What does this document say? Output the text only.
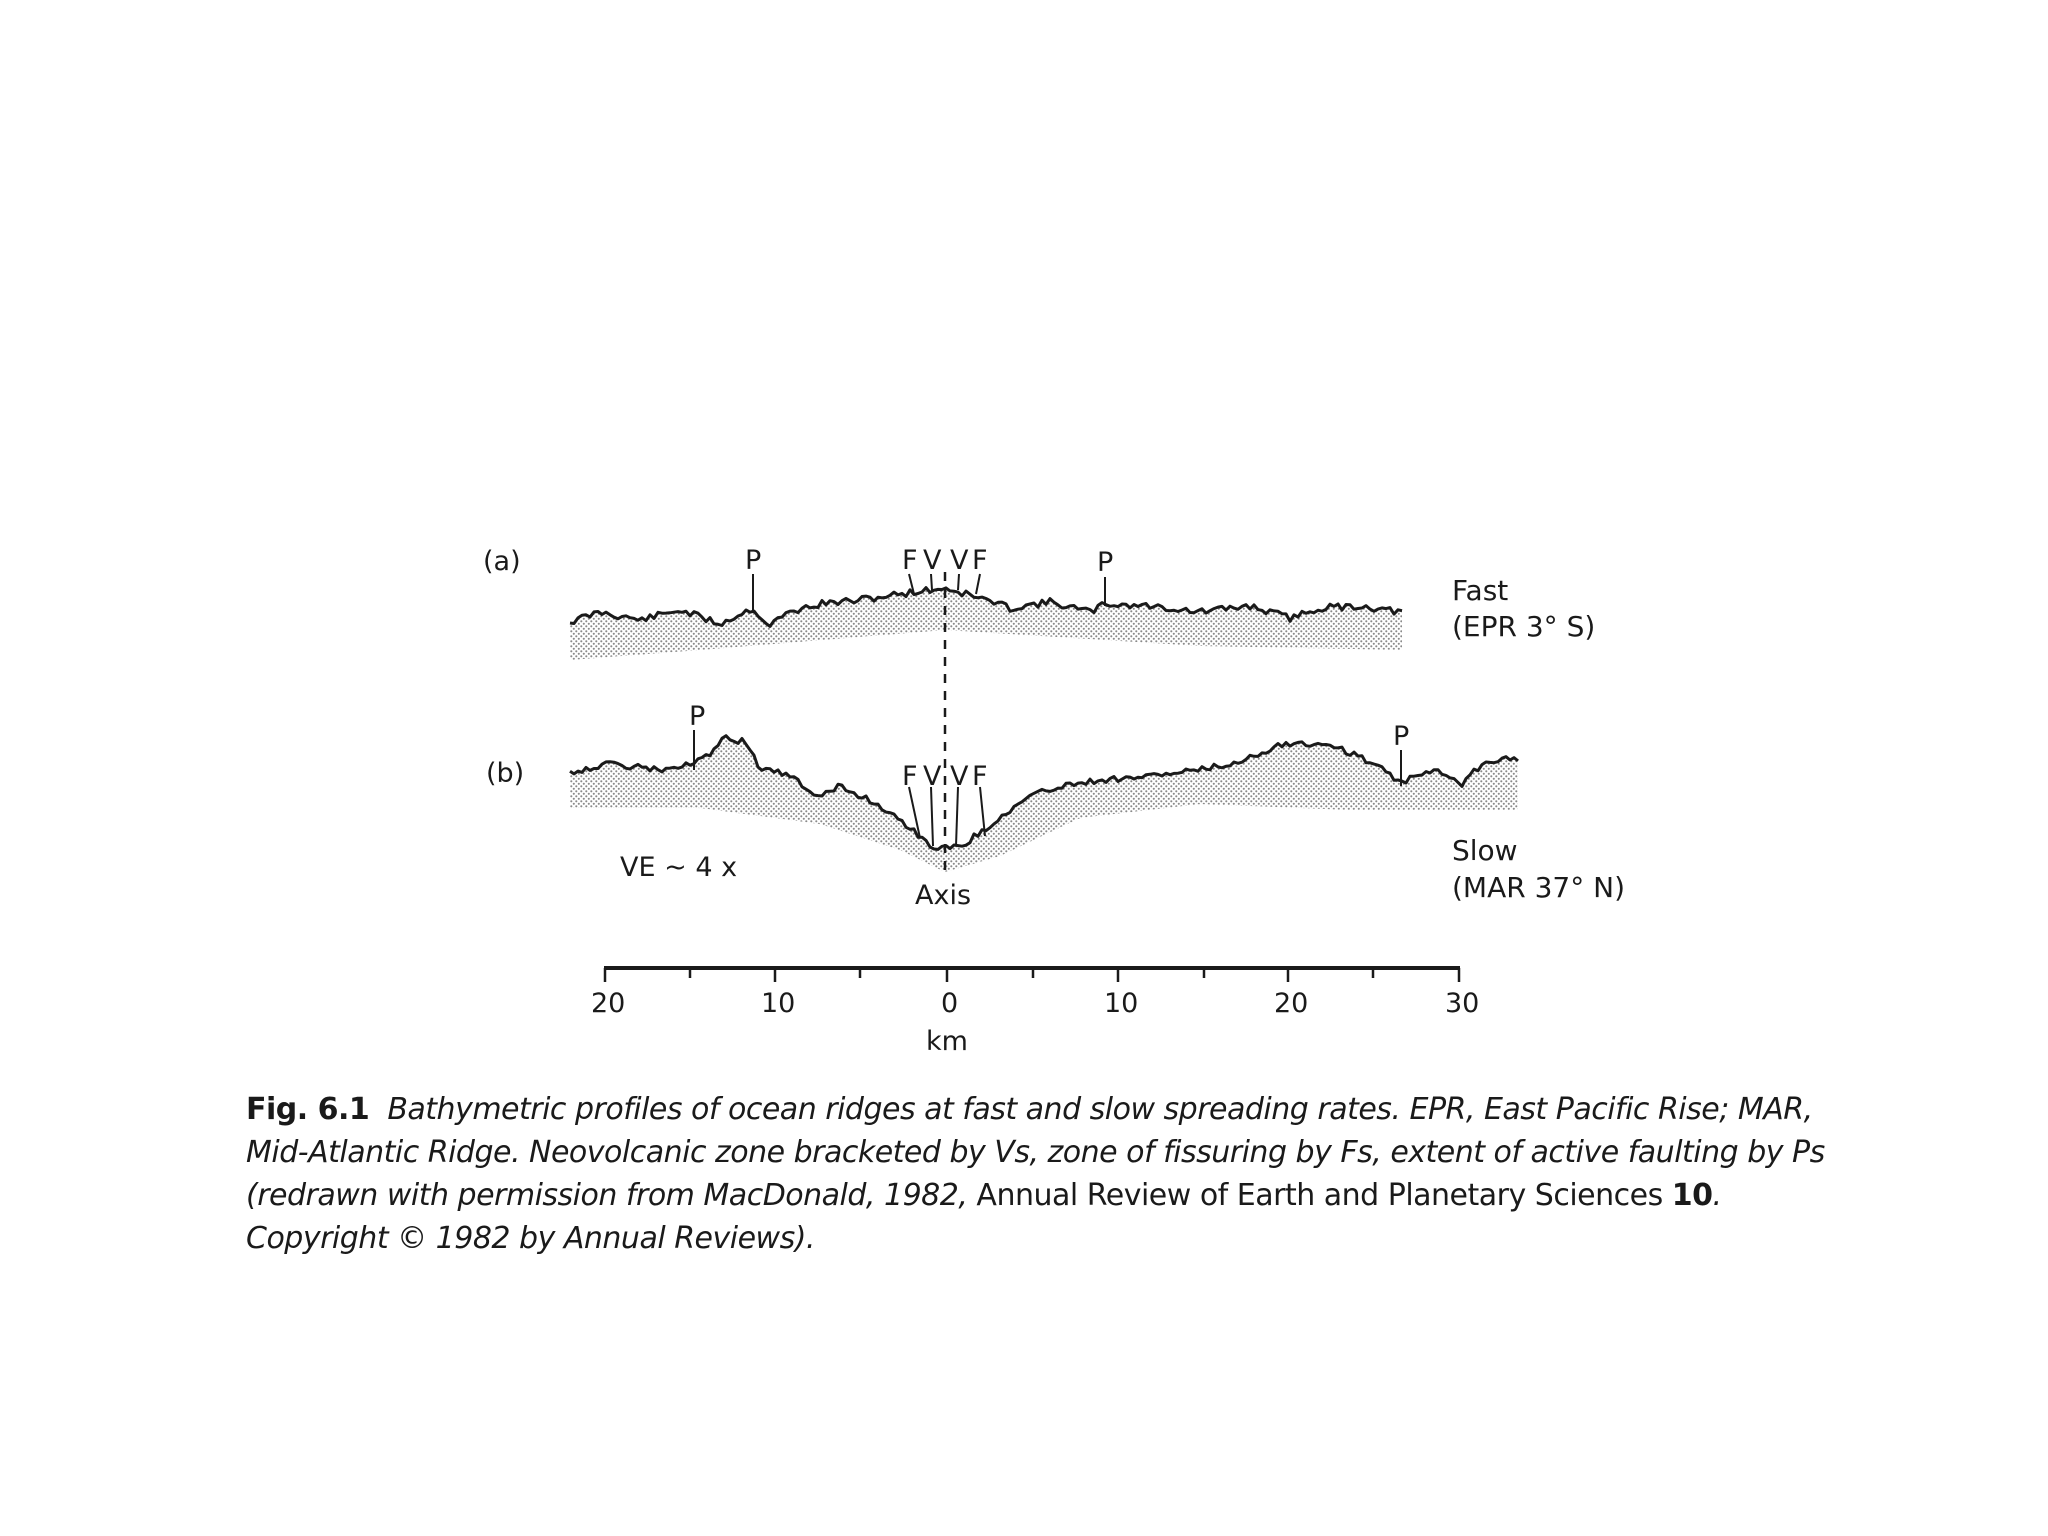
(a)
(b)
P	P
F V V F
Fast
(EPR 3° S)
P
P
F V V F
Slow
(MAR 37° N)
VE ~ 4 x
Axis
20	10	0	10	20	30
km
Fig. 6.1 Bathymetric profiles of ocean ridges at fast and slow spreading rates. EPR, East Pacific Rise; MAR, Mid-Atlantic Ridge. Neovolcanic zone bracketed by Vs, zone of fissuring by Fs, extent of active faulting by Ps (redrawn with permission from MacDonald, 1982, Annual Review of Earth and Planetary Sciences 10. Copyright © 1982 by Annual Reviews).
